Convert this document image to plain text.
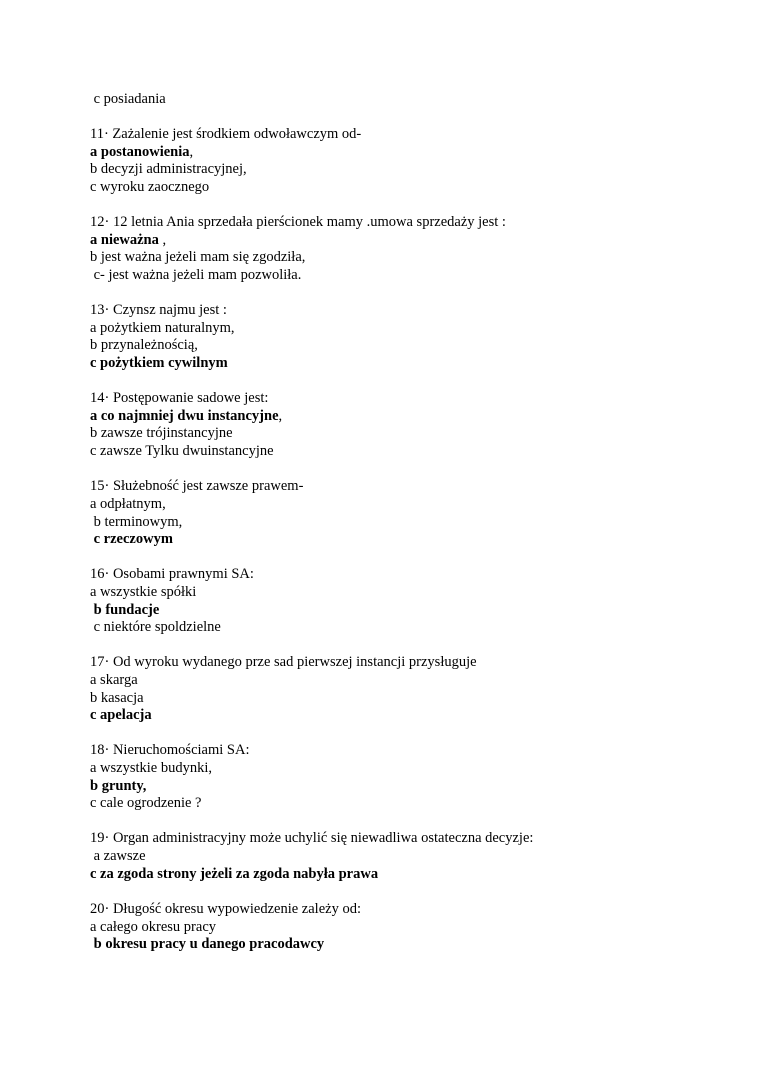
c posiadania
11· Zażalenie jest środkiem odwoławczym od-
a postanowienia,
b decyzji administracyjnej,
c wyroku zaocznego
12· 12 letnia Ania sprzedała pierścionek mamy .umowa sprzedaży jest :
a nieważna ,
b jest ważna jeżeli mam się zgodziła,
c- jest ważna jeżeli mam pozwoliła.
13· Czynsz najmu jest :
a pożytkiem naturalnym,
b przynależnością,
c pożytkiem cywilnym
14· Postępowanie sadowe jest:
a co najmniej dwu instancyjne,
b zawsze trójinstancyjne
c zawsze Tylku dwuinstancyjne
15· Służebność jest zawsze prawem-
a odpłatnym,
b terminowym,
c rzeczowym
16· Osobami prawnymi SA:
a wszystkie spółki
b fundacje
c niektóre spoldzielne
17· Od wyroku wydanego prze sad pierwszej instancji przysługuje
a skarga
b kasacja
c apelacja
18· Nieruchomościami SA:
a wszystkie budynki,
b grunty,
c cale ogrodzenie ?
19· Organ administracyjny może uchylić się niewadliwa ostateczna decyzje:
a zawsze
c za zgoda strony jeżeli za zgoda nabyła prawa
20· Długość okresu wypowiedzenie zależy od:
a całego okresu pracy
b okresu pracy u danego pracodawcy
